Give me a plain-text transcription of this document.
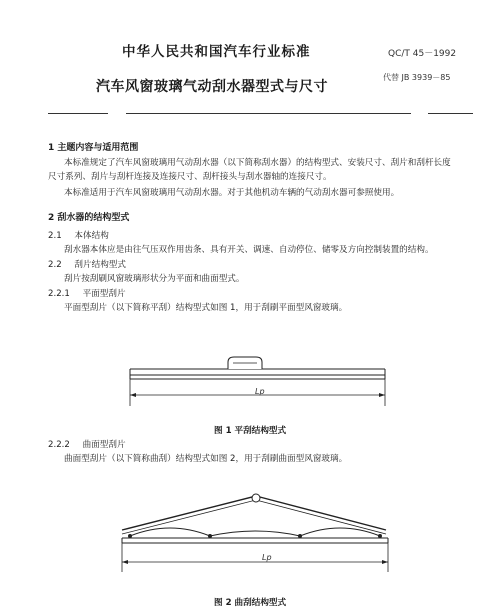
中华人民共和国汽车行业标准	QC/T 45－1992
汽车风窗玻璃气动刮水器型式与尺寸
代替 JB 3939－85
1 主题内容与适用范围
本标准规定了汽车风窗玻璃用气动刮水器（以下简称刮水器）的结构型式、安装尺寸、刮片和刮杆长度
尺寸系列、刮片与刮杆连接及连接尺寸、刮杆接头与刮水器轴的连接尺寸。
本标准适用于汽车风窗玻璃用气动刮水器。对于其他机动车辆的气动刮水器可参照使用。
2 刮水器的结构型式
2.1 本体结构
刮水器本体应是由往气压双作用齿条、具有开关、调速、自动停位、储零及方向控制装置的结构。
2.2 刮片结构型式
刮片按刮刷风窗玻璃形状分为平面和曲面型式。
2.2.1 平面型刮片
平面型刮片（以下简称平刮）结构型式如图 1，用于刮刷平面型风窗玻璃。
Lp
图 1 平刮结构型式
2.2.2 曲面型刮片
曲面型刮片（以下简称曲刮）结构型式如图 2，用于刮刷曲面型风窗玻璃。
Lp
图 2 曲刮结构型式
